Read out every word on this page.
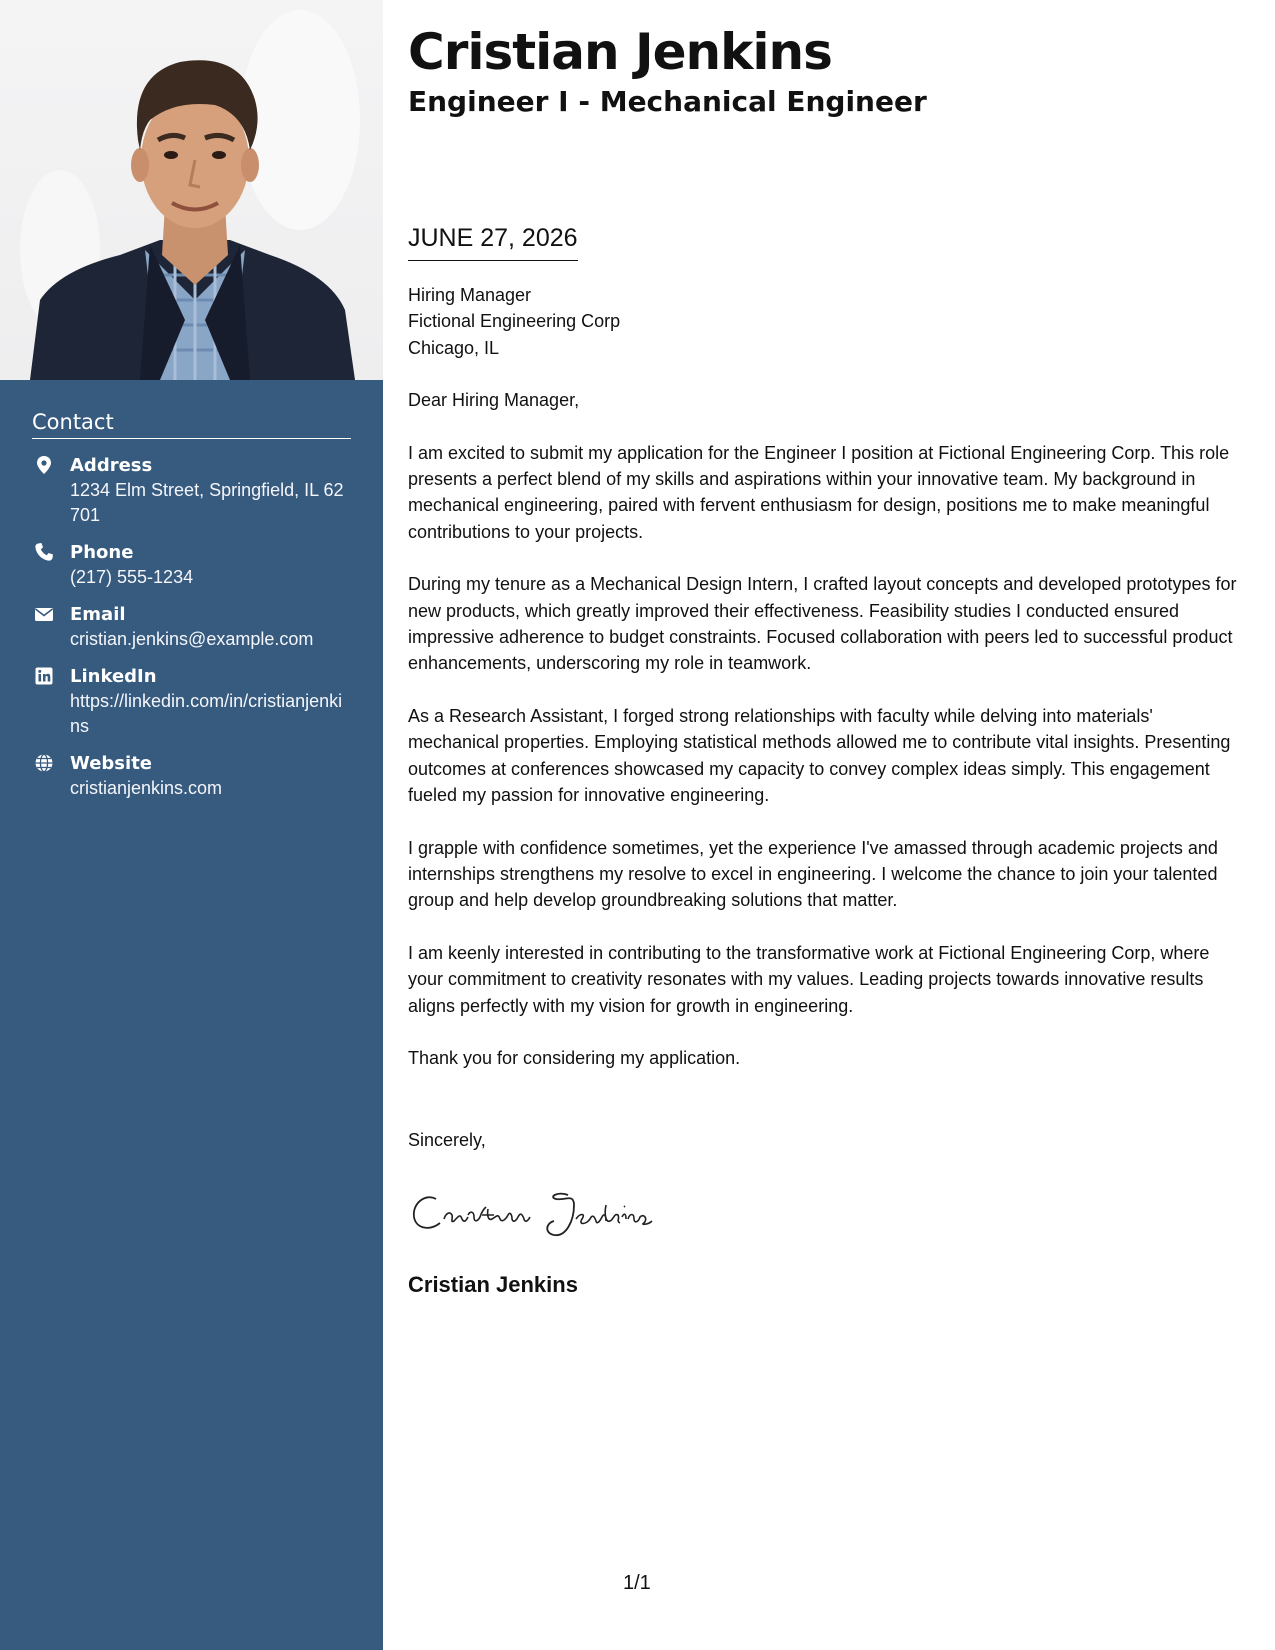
Contact
Address
1234 Elm Street, Springfield, IL 62701
Phone
(217) 555-1234
Email
cristian.jenkins@example.com
LinkedIn
https://linkedin.com/in/cristianjenkins
Website
cristianjenkins.com
Cristian Jenkins
Engineer I - Mechanical Engineer
JUNE 27, 2026

Hiring Manager
Fictional Engineering Corp
Chicago, IL

Dear Hiring Manager,

I am excited to submit my application for the Engineer I position at Fictional Engineering Corp. This role presents a perfect blend of my skills and aspirations within your innovative team. My background in mechanical engineering, paired with fervent enthusiasm for design, positions me to make meaningful contributions to your projects.

During my tenure as a Mechanical Design Intern, I crafted layout concepts and developed prototypes for new products, which greatly improved their effectiveness. Feasibility studies I conducted ensured impressive adherence to budget constraints. Focused collaboration with peers led to successful product enhancements, underscoring my role in teamwork.

As a Research Assistant, I forged strong relationships with faculty while delving into materials' mechanical properties. Employing statistical methods allowed me to contribute vital insights. Presenting outcomes at conferences showcased my capacity to convey complex ideas simply. This engagement fueled my passion for innovative engineering.

I grapple with confidence sometimes, yet the experience I've amassed through academic projects and internships strengthens my resolve to excel in engineering. I welcome the chance to join your talented group and help develop groundbreaking solutions that matter.

I am keenly interested in contributing to the transformative work at Fictional Engineering Corp, where your commitment to creativity resonates with my values. Leading projects towards innovative results aligns perfectly with my vision for growth in engineering.

Thank you for considering my application.

Sincerely,
Cristian Jenkins
1/1
